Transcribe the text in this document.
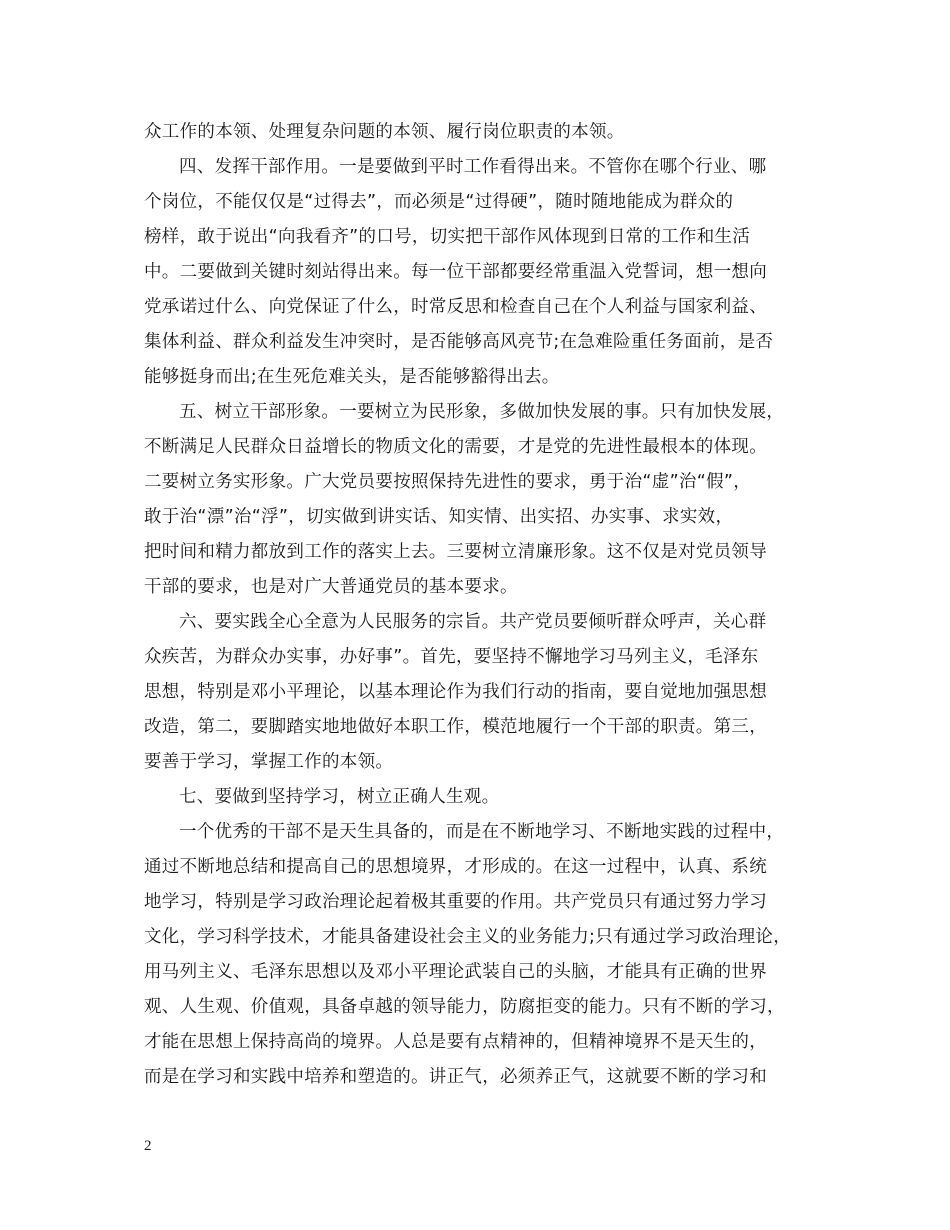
众工作的本领、处理复杂问题的本领、履行岗位职责的本领。
四、发挥干部作用。一是要做到平时工作看得出来。不管你在哪个行业、哪
个岗位，不能仅仅是“过得去”，而必须是“过得硬”，随时随地能成为群众的
榜样，敢于说出“向我看齐”的口号，切实把干部作风体现到日常的工作和生活
中。二要做到关键时刻站得出来。每一位干部都要经常重温入党誓词，想一想向
党承诺过什么、向党保证了什么，时常反思和检查自己在个人利益与国家利益、
集体利益、群众利益发生冲突时，是否能够高风亮节;在急难险重任务面前，是否
能够挺身而出;在生死危难关头，是否能够豁得出去。
五、树立干部形象。一要树立为民形象，多做加快发展的事。只有加快发展，
不断满足人民群众日益增长的物质文化的需要，才是党的先进性最根本的体现。
二要树立务实形象。广大党员要按照保持先进性的要求，勇于治“虚”治“假”，
敢于治“漂”治“浮”，切实做到讲实话、知实情、出实招、办实事、求实效，
把时间和精力都放到工作的落实上去。三要树立清廉形象。这不仅是对党员领导
干部的要求，也是对广大普通党员的基本要求。
六、要实践全心全意为人民服务的宗旨。共产党员要倾听群众呼声，关心群
众疾苦，为群众办实事，办好事”。首先，要坚持不懈地学习马列主义，毛泽东
思想，特别是邓小平理论，以基本理论作为我们行动的指南，要自觉地加强思想
改造，第二，要脚踏实地地做好本职工作，模范地履行一个干部的职责。第三，
要善于学习，掌握工作的本领。
七、要做到坚持学习，树立正确人生观。
一个优秀的干部不是天生具备的，而是在不断地学习、不断地实践的过程中，
通过不断地总结和提高自己的思想境界，才形成的。在这一过程中，认真、系统
地学习，特别是学习政治理论起着极其重要的作用。共产党员只有通过努力学习
文化，学习科学技术，才能具备建设社会主义的业务能力;只有通过学习政治理论，
用马列主义、毛泽东思想以及邓小平理论武装自己的头脑，才能具有正确的世界
观、人生观、价值观，具备卓越的领导能力，防腐拒变的能力。只有不断的学习，
才能在思想上保持高尚的境界。人总是要有点精神的，但精神境界不是天生的，
而是在学习和实践中培养和塑造的。讲正气，必须养正气，这就要不断的学习和
2
